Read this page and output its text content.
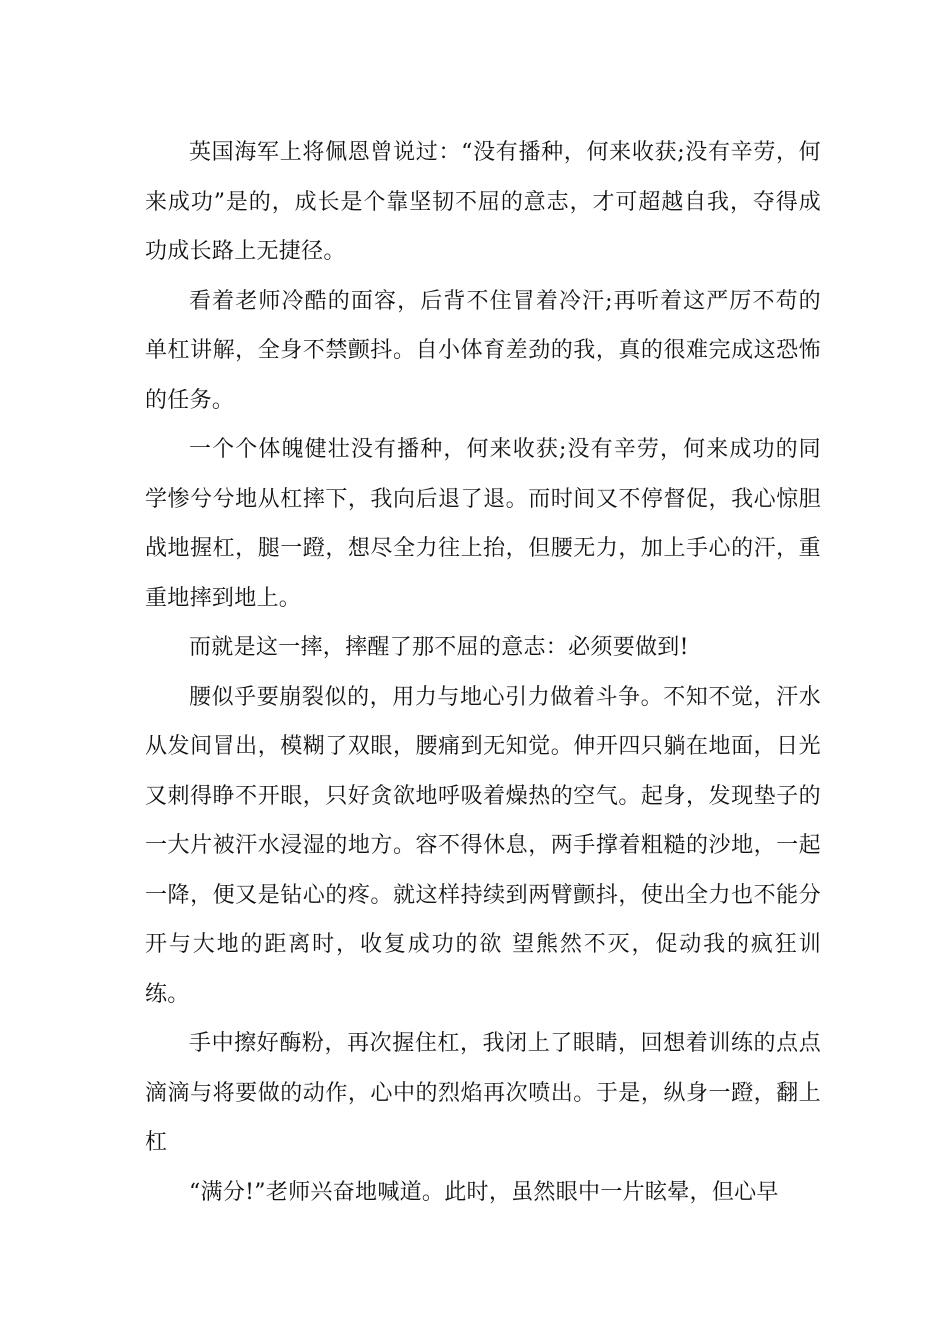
英国海军上将佩恩曾说过：“没有播种，何来收获;没有辛劳，何来成功”是的，成长是个靠坚韧不屈的意志，才可超越自我，夺得成功成长路上无捷径。

看着老师冷酷的面容，后背不住冒着冷汗;再听着这严厉不苟的单杠讲解，全身不禁颤抖。自小体育差劲的我，真的很难完成这恐怖的任务。

一个个体魄健壮没有播种，何来收获;没有辛劳，何来成功的同学惨兮兮地从杠摔下，我向后退了退。而时间又不停督促，我心惊胆战地握杠，腿一蹬，想尽全力往上抬，但腰无力，加上手心的汗，重重地摔到地上。

而就是这一摔，摔醒了那不屈的意志：必须要做到!

腰似乎要崩裂似的，用力与地心引力做着斗争。不知不觉，汗水从发间冒出，模糊了双眼，腰痛到无知觉。伸开四只躺在地面，日光又刺得睁不开眼，只好贪欲地呼吸着燥热的空气。起身，发现垫子的一大片被汗水浸湿的地方。容不得休息，两手撑着粗糙的沙地，一起一降，便又是钻心的疼。就这样持续到两臂颤抖，使出全力也不能分开与大地的距离时，收复成功的欲 望熊然不灭，促动我的疯狂训练。

手中擦好酶粉，再次握住杠，我闭上了眼睛，回想着训练的点点滴滴与将要做的动作，心中的烈焰再次喷出。于是，纵身一蹬，翻上杠

“满分!”老师兴奋地喊道。此时，虽然眼中一片眩晕，但心早
